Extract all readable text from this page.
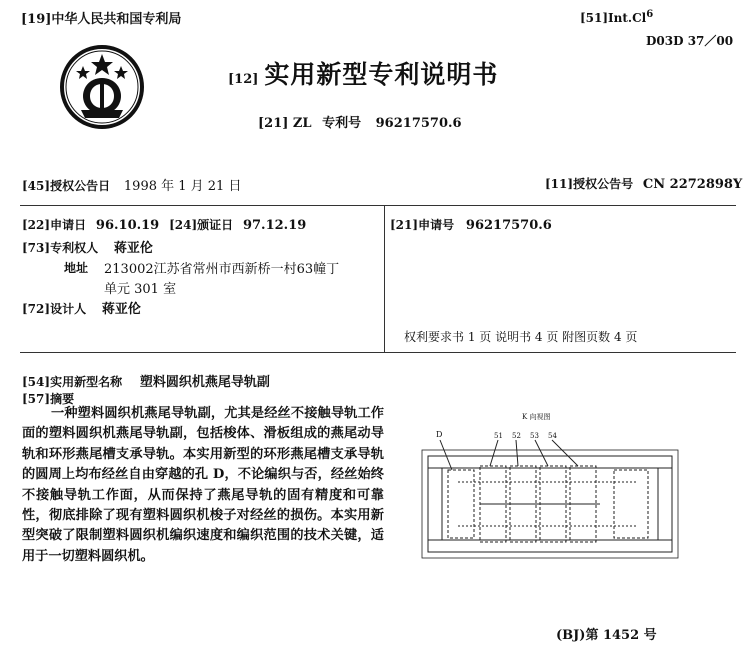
[19]中华人民共和国专利局	[51]Int.Cl$^6$
D03D 37／00
[12] 实用新型专利说明书
[21] ZL 专利号 96217570.6
[45]授权公告日 1998 年 1 月 21 日	[11]授权公告号 CN 2272898Y
[22]申请日 96.10.19 [24]颁证日 97.12.19
[73]专利权人 蒋亚伦
地址 213002江苏省常州市西新桥一村63幢丁
单元 301 室
[72]设计人 蒋亚伦
[21]申请号 96217570.6
权利要求书 1 页 说明书 4 页 附图页数 4 页
[54]实用新型名称 塑料圆织机燕尾导轨副
[57]摘要
一种塑料圆织机燕尾导轨副，尤其是经丝不接触导轨工作面的塑料圆织机燕尾导轨副，包括梭体、滑板组成的燕尾动导轨和环形燕尾槽支承导轨。本实用新型的环形燕尾槽支承导轨的圆周上均布经丝自由穿越的孔 D，不论编织与否，经丝始终不接触导轨工作面，从而保持了燕尾导轨的固有精度和可靠性，彻底排除了现有塑料圆织机梭子对经丝的损伤。本实用新型突破了限制塑料圆织机编织速度和编织范围的技术关键，适用于一切塑料圆织机。
K 向视图
D	51 52 53 54
(BJ)第 1452 号
